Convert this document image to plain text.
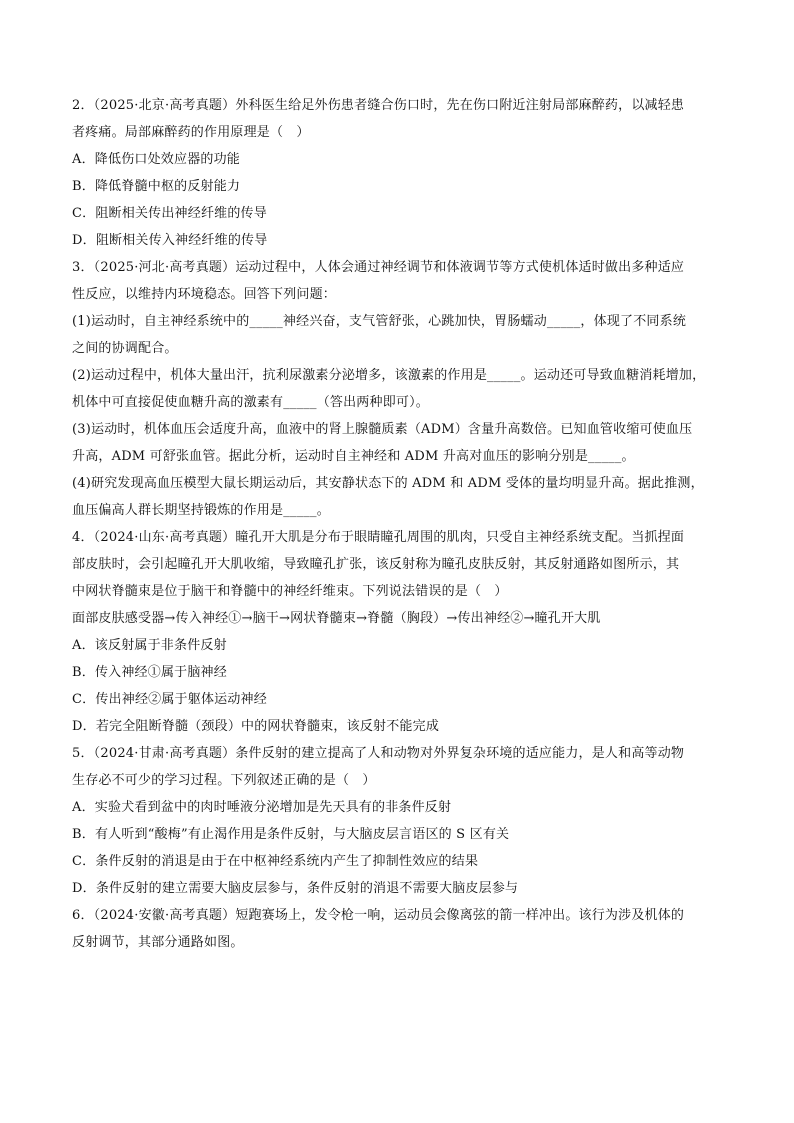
2．（2025·北京·高考真题）外科医生给足外伤患者缝合伤口时，先在伤口附近注射局部麻醉药，以减轻患
者疼痛。局部麻醉药的作用原理是（　）
A．降低伤口处效应器的功能
B．降低脊髓中枢的反射能力
C．阻断相关传出神经纤维的传导
D．阻断相关传入神经纤维的传导
3．（2025·河北·高考真题）运动过程中，人体会通过神经调节和体液调节等方式使机体适时做出多种适应
性反应，以维持内环境稳态。回答下列问题：
(1)运动时，自主神经系统中的_____神经兴奋，支气管舒张，心跳加快，胃肠蠕动_____，体现了不同系统
之间的协调配合。
(2)运动过程中，机体大量出汗，抗利尿激素分泌增多，该激素的作用是_____。运动还可导致血糖消耗增加，
机体中可直接促使血糖升高的激素有_____（答出两种即可）。
(3)运动时，机体血压会适度升高，血液中的肾上腺髓质素（ADM）含量升高数倍。已知血管收缩可使血压
升高，ADM 可舒张血管。据此分析，运动时自主神经和 ADM 升高对血压的影响分别是_____。
(4)研究发现高血压模型大鼠长期运动后，其安静状态下的 ADM 和 ADM 受体的量均明显升高。据此推测，
血压偏高人群长期坚持锻炼的作用是_____。
4．（2024·山东·高考真题）瞳孔开大肌是分布于眼睛瞳孔周围的肌肉，只受自主神经系统支配。当抓捏面
部皮肤时，会引起瞳孔开大肌收缩，导致瞳孔扩张，该反射称为瞳孔皮肤反射，其反射通路如图所示，其
中网状脊髓束是位于脑干和脊髓中的神经纤维束。下列说法错误的是（　）
面部皮肤感受器→传入神经①→脑干→网状脊髓束→脊髓（胸段）→传出神经②→瞳孔开大肌
A．该反射属于非条件反射
B．传入神经①属于脑神经
C．传出神经②属于躯体运动神经
D．若完全阻断脊髓（颈段）中的网状脊髓束，该反射不能完成
5．（2024·甘肃·高考真题）条件反射的建立提高了人和动物对外界复杂环境的适应能力，是人和高等动物
生存必不可少的学习过程。下列叙述正确的是（　）
A．实验犬看到盆中的肉时唾液分泌增加是先天具有的非条件反射
B．有人听到“酸梅”有止渴作用是条件反射，与大脑皮层言语区的 S 区有关
C．条件反射的消退是由于在中枢神经系统内产生了抑制性效应的结果
D．条件反射的建立需要大脑皮层参与，条件反射的消退不需要大脑皮层参与
6．（2024·安徽·高考真题）短跑赛场上，发令枪一响，运动员会像离弦的箭一样冲出。该行为涉及机体的
反射调节，其部分通路如图。
